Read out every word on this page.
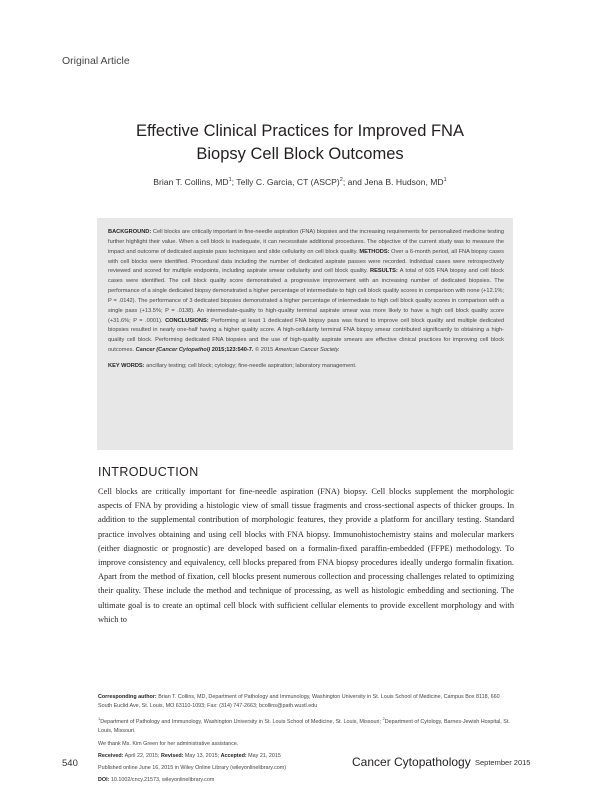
Original Article
Effective Clinical Practices for Improved FNA
Biopsy Cell Block Outcomes
Brian T. Collins, $MD^1$; Telly C. Garcia, CT (ASCP)$^2$; and Jena B. Hudson, $MD^1$

BACKGROUND: Cell blocks are critically important in fine-needle aspiration (FNA) biopsies and the increasing requirements for personalized medicine testing further highlight their value. When a cell block is inadequate, it can necessitate additional procedures. The objective of the current study was to measure the impact and outcome of dedicated aspirate pass techniques and slide cellularity on cell block quality. METHODS: Over a 6-month period, all FNA biopsy cases with cell blocks were identified. Procedural data including the number of dedicated aspirate passes were recorded. Individual cases were retrospectively reviewed and scored for multiple endpoints, including aspirate smear cellularity and cell block quality. RESULTS: A total of 605 FNA biopsy and cell block cases were identified. The cell block quality score demonstrated a progressive improvement with an increasing number of dedicated biopsies. The performance of a single dedicated biopsy demonstrated a higher percentage of intermediate to high cell block quality scores in comparison with none (+12.1%; P = .0142). The performance of 3 dedicated biopsies demonstrated a higher percentage of intermediate to high cell block quality scores in comparison with a single pass (+13.5%; P = .0138). An intermediate-quality to high-quality terminal aspirate smear was more likely to have a high cell block quality score (+31.6%; P = .0001). CONCLUSIONS: Performing at least 1 dedicated FNA biopsy pass was found to improve cell block quality and multiple dedicated biopsies resulted in nearly one-half having a higher quality score. A high-cellularity terminal FNA biopsy smear contributed significantly to obtaining a high-quality cell block. Performing dedicated FNA biopsies and the use of high-quality aspirate smears are effective clinical practices for improving cell block outcomes. Cancer (Cancer Cytopathol) 2015;123:540-7. © 2015 American Cancer Society.

KEY WORDS: ancillary testing; cell block; cytology; fine-needle aspiration; laboratory management.

INTRODUCTION

Cell blocks are critically important for fine-needle aspiration (FNA) biopsy. Cell blocks supplement the morphologic aspects of FNA by providing a histologic view of small tissue fragments and cross-sectional aspects of thicker groups. In addition to the supplemental contribution of morphologic features, they provide a platform for ancillary testing. Standard practice involves obtaining and using cell blocks with FNA biopsy. Immunohistochemistry stains and molecular markers (either diagnostic or prognostic) are developed based on a formalin-fixed paraffin-embedded (FFPE) methodology. To improve consistency and equivalency, cell blocks prepared from FNA biopsy procedures ideally undergo formalin fixation. Apart from the method of fixation, cell blocks present numerous collection and processing challenges related to optimizing their quality. These include the method and technique of processing, as well as histologic embedding and sectioning. The ultimate goal is to create an optimal cell block with sufficient cellular elements to provide excellent morphology and with which to

Corresponding author: Brian T. Collins, MD, Department of Pathology and Immunology, Washington University in St. Louis School of Medicine, Campus Box 8118, 660 South Euclid Ave, St. Louis, MO 63110-1093; Fax: (314) 747-2663; bcollins@path.wustl.edu

$^1$Department of Pathology and Immunology, Washington University in St. Louis School of Medicine, St. Louis, Missouri; $^2$Department of Cytology, Barnes-Jewish Hospital, St. Louis, Missouri.

We thank Ms. Kim Green for her administrative assistance.

Received: April 22, 2015; Revised: May 13, 2015; Accepted: May 21, 2015

Published online June 16, 2015 in Wiley Online Library (wileyonlinelibrary.com)

DOI: 10.1002/cncy.21573, wileyonlinelibrary.com

540	Cancer Cytopathology September 2015
